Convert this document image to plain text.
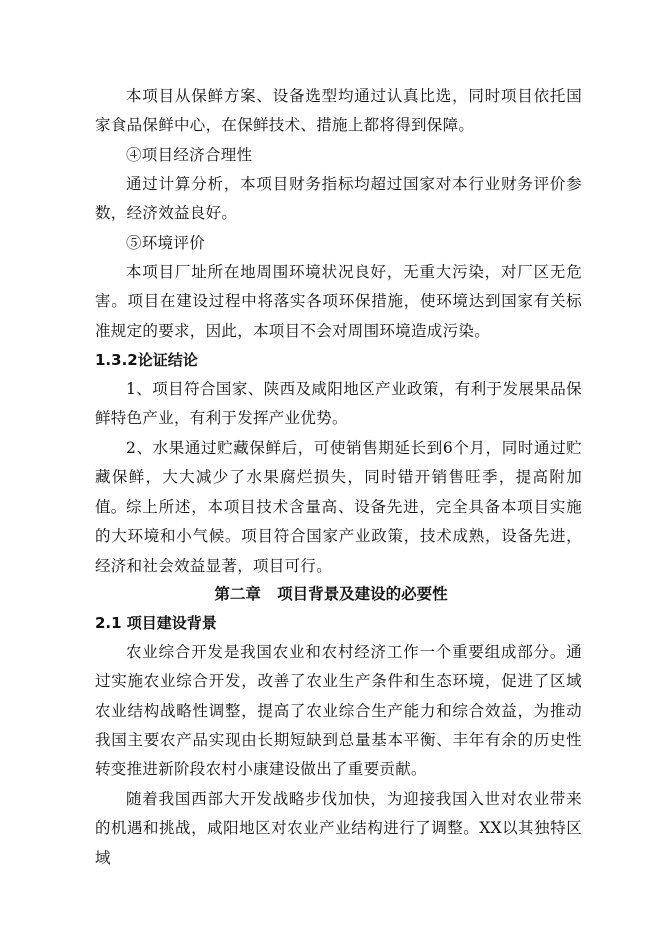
本项目从保鲜方案、设备选型均通过认真比选，同时项目依托国家食品保鲜中心，在保鲜技术、措施上都将得到保障。

④项目经济合理性

通过计算分析，本项目财务指标均超过国家对本行业财务评价参数，经济效益良好。

⑤环境评价

本项目厂址所在地周围环境状况良好，无重大污染，对厂区无危害。项目在建设过程中将落实各项环保措施，使环境达到国家有关标准规定的要求，因此，本项目不会对周围环境造成污染。

1.3.2论证结论

1、项目符合国家、陕西及咸阳地区产业政策，有利于发展果品保鲜特色产业，有利于发挥产业优势。

2、水果通过贮藏保鲜后，可使销售期延长到6个月，同时通过贮藏保鲜，大大减少了水果腐烂损失，同时错开销售旺季，提高附加值。 综上所述，本项目技术含量高、设备先进，完全具备本项目实施的大环境和小气候。项目符合国家产业政策，技术成熟，设备先进，经济和社会效益显著，项目可行。

第二章   项目背景及建设的必要性

2.1 项目建设背景

农业综合开发是我国农业和农村经济工作一个重要组成部分。通过实施农业综合开发，改善了农业生产条件和生态环境，促进了区域农业结构战略性调整，提高了农业综合生产能力和综合效益，为推动我国主要农产品实现由长期短缺到总量基本平衡、丰年有余的历史性转变推进新阶段农村小康建设做出了重要贡献。

随着我国西部大开发战略步伐加快，为迎接我国入世对农业带来的机遇和挑战，咸阳地区对农业产业结构进行了调整。XX以其独特区域
